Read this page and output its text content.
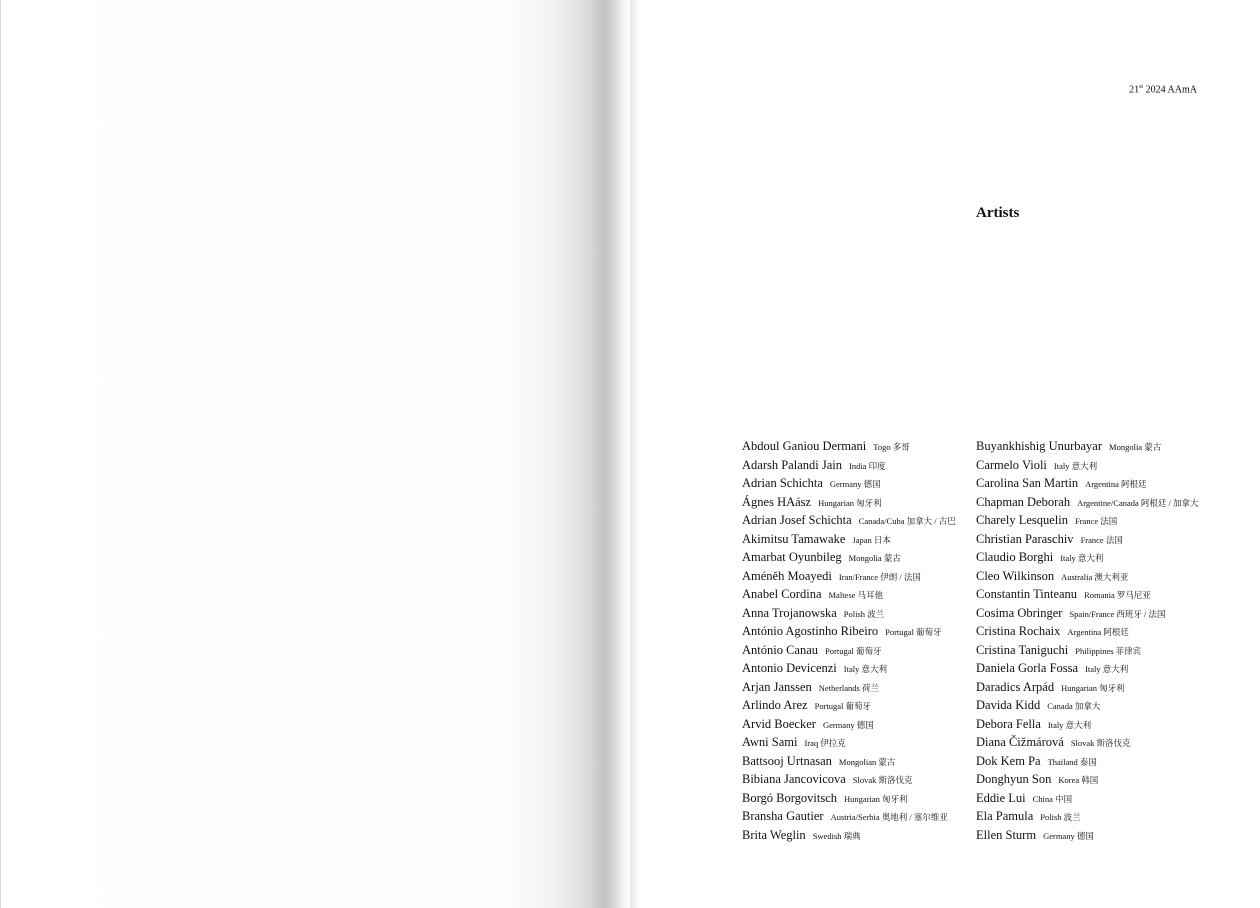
21st 2024 AAmA
Artists
Abdoul Ganiou Dermani Togo 多哥
Adarsh Palandi Jain India 印度
Adrian Schichta Germany 德国
Ágnes HAász Hungarian 匈牙利
Adrian Josef Schichta Canada/Cuba 加拿大 / 古巴
Akimitsu Tamawake Japan 日本
Amarbat Oyunbileg Mongolia 蒙古
Améněh Moayedi Iran/France 伊朗 / 法国
Anabel Cordina Maltese 马耳他
Anna Trojanowska Polish 波兰
António Agostinho Ribeiro Portugal 葡萄牙
António Canau Portugal 葡萄牙
Antonio Devicenzi Italy 意大利
Arjan Janssen Netherlands 荷兰
Arlindo Arez Portugal 葡萄牙
Arvid Boecker Germany 德国
Awni Sami Iraq 伊拉克
Battsooj Urtnasan Mongolian 蒙古
Bibiana Jancovicova Slovak 斯洛伐克
Borgó Borgovitsch Hungarian 匈牙利
Bransha Gautier Austria/Serbia 奥地利 / 塞尔维亚
Brita Weglin Swedish 瑞典
Buyankhishig Unurbayar Mongolia 蒙古
Carmelo Violi Italy 意大利
Carolina San Martin Argentina 阿根廷
Chapman Deborah Argentine/Canada 阿根廷 / 加拿大
Charely Lesquelin France 法国
Christian Paraschiv France 法国
Claudio Borghi Italy 意大利
Cleo Wilkinson Australia 澳大利亚
Constantin Tinteanu Romania 罗马尼亚
Cosima Obringer Spain/France 西班牙 / 法国
Cristina Rochaix Argentina 阿根廷
Cristina Taniguchi Philippines 菲律宾
Daniela Gorla Fossa Italy 意大利
Daradics Arpád Hungarian 匈牙利
Davida Kidd Canada 加拿大
Debora Fella Italy 意大利
Diana Čižmárová Slovak 斯洛伐克
Dok Kem Pa Thailand 泰国
Donghyun Son Korea 韩国
Eddie Lui China 中国
Ela Pamula Polish 波兰
Ellen Sturm Germany 德国
